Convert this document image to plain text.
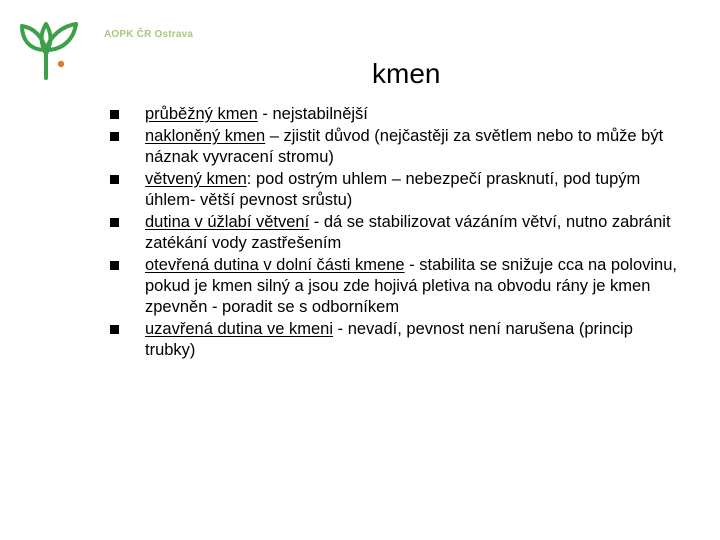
AOPK ČR Ostrava
kmen
průběžný kmen - nejstabilnější
nakloněný kmen – zjistit důvod (nejčastěji za světlem nebo to může být náznak vyvracení stromu)
větvený kmen: pod ostrým uhlem – nebezpečí prasknutí, pod tupým úhlem- větší pevnost srůstu)
dutina v úžlabí větvení - dá se stabilizovat vázáním větví, nutno zabránit zatékání vody zastřešením
otevřená dutina v dolní části kmene - stabilita se snižuje cca na polovinu, pokud je kmen silný a jsou zde hojivá pletiva na obvodu rány je kmen zpevněn - poradit se s odborníkem
uzavřená dutina ve kmeni - nevadí, pevnost není narušena (princip trubky)
